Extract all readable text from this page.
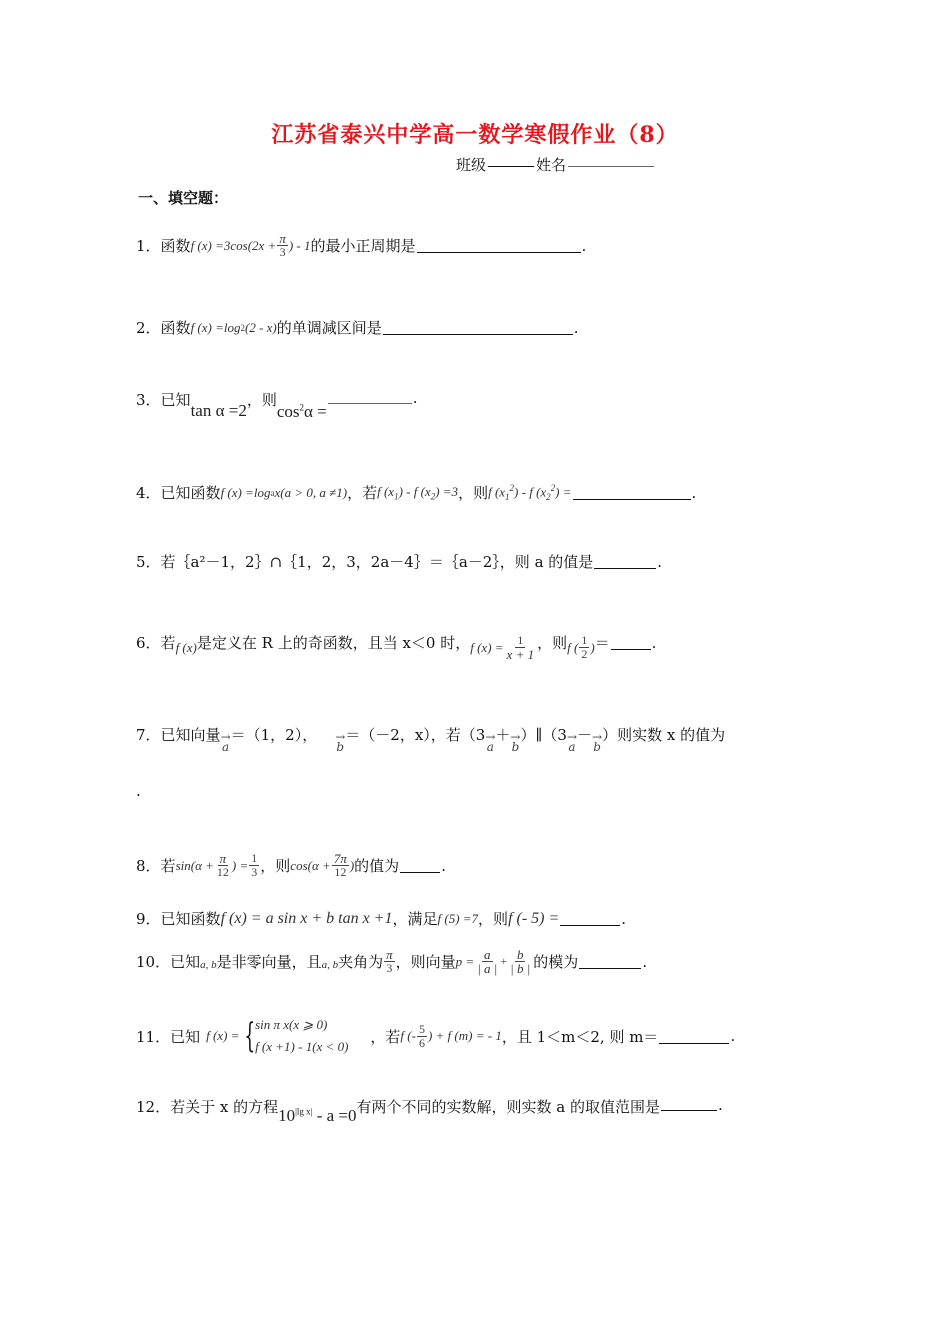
江苏省泰兴中学高一数学寒假作业（8）
班级	姓名
一、填空题：
1． 函数 f $(x) =3\cos(2x + \frac{\pi}{3}$ ) - 1 的最小正周期是	.
2． 函数 f (x) =log 2 (2 - x) 的单调减区间是	.
3． 已知
tan α =2
，则
$\cos^2\alpha$ =
.
4． 已知函数 f (x) =log a x(a > 0, a ≠1) ，若 f $(x_1)$ - f $(x_2) =3$ ，则 f $(x_1^2)$ - f $(x_2^2)$ =	.
5． 若｛a²－1，2｝∩｛1，2，3，2a－4｝＝｛a－2｝，则 a 的值是	.
6． 若 f (x) 是定义在 R 上的奇函数，且当 x＜0 时， f $(x) = \frac{1}{x + 1}$ ，则 f ( $\frac{1}{2}$ ) ＝	.
7． 已知向量 →
a
＝（1，2）， →
b
＝（－2，x），若（3 →
a
＋ →
b
）∥（3 →
a
－ →
b
）则实数 x 的值为
.
8． 若 $\sin(\alpha + \frac{\pi}{12}$ ) = $\frac{1}{3}$ ，则 $\cos(\alpha + \frac{7\pi}{12}$ ) 的值为	.
9． 已知函数 f (x) = a sin x + b tan x +1 ，满足 f (5) =7 ，则 f (- 5) =	.
10． 已知 a, b 是非零向量，且 a, b 夹角为 $\frac{\pi}{3}$ ，则向量 $p = \frac{a}{| a |} + \frac{b}{| b |}$ 的模为	.
11． 已知 f (x) = { sin π x(x ⩾ 0)
f (x +1) - 1(x < 0)
，若 f (- $\frac{5}{6}$ ) + f (m) = - 1 ，且 1＜m＜2, 则 m＝	.
12． 若关于 x 的方程 $10^{|lg x|} - a =0$ 有两个不同的实数解，则实数 a 的取值范围是	.
